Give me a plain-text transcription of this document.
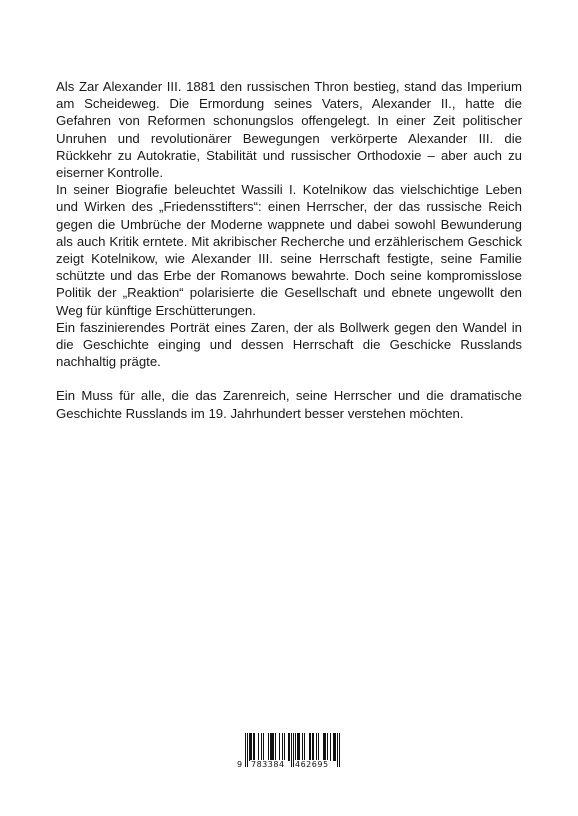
Als Zar Alexander III. 1881 den russischen Thron bestieg, stand das Imperium am Scheideweg. Die Ermordung seines Vaters, Alexander II., hatte die Gefahren von Reformen schonungslos offengelegt. In einer Zeit politischer Unruhen und revolutionärer Bewegungen verkörperte Alexander III. die Rückkehr zu Autokratie, Stabilität und russischer Orthodoxie – aber auch zu eiserner Kontrolle.

In seiner Biografie beleuchtet Wassili I. Kotelnikow das vielschichtige Leben und Wirken des „Friedensstifters“: einen Herrscher, der das russische Reich gegen die Umbrüche der Moderne wappnete und dabei sowohl Bewunderung als auch Kritik erntete. Mit akribischer Recherche und erzählerischem Geschick zeigt Kotelnikow, wie Alexander III. seine Herrschaft festigte, seine Familie schützte und das Erbe der Romanows bewahrte. Doch seine kompromisslose Politik der „Reaktion“ polarisierte die Gesellschaft und ebnete ungewollt den Weg für künftige Erschütterungen.

Ein faszinierendes Porträt eines Zaren, der als Bollwerk gegen den Wandel in die Geschichte einging und dessen Herrschaft die Geschicke Russlands nachhaltig prägte.

Ein Muss für alle, die das Zarenreich, seine Herrscher und die dramatische Geschichte Russlands im 19. Jahrhundert besser verstehen möchten.

9 783384 462695
